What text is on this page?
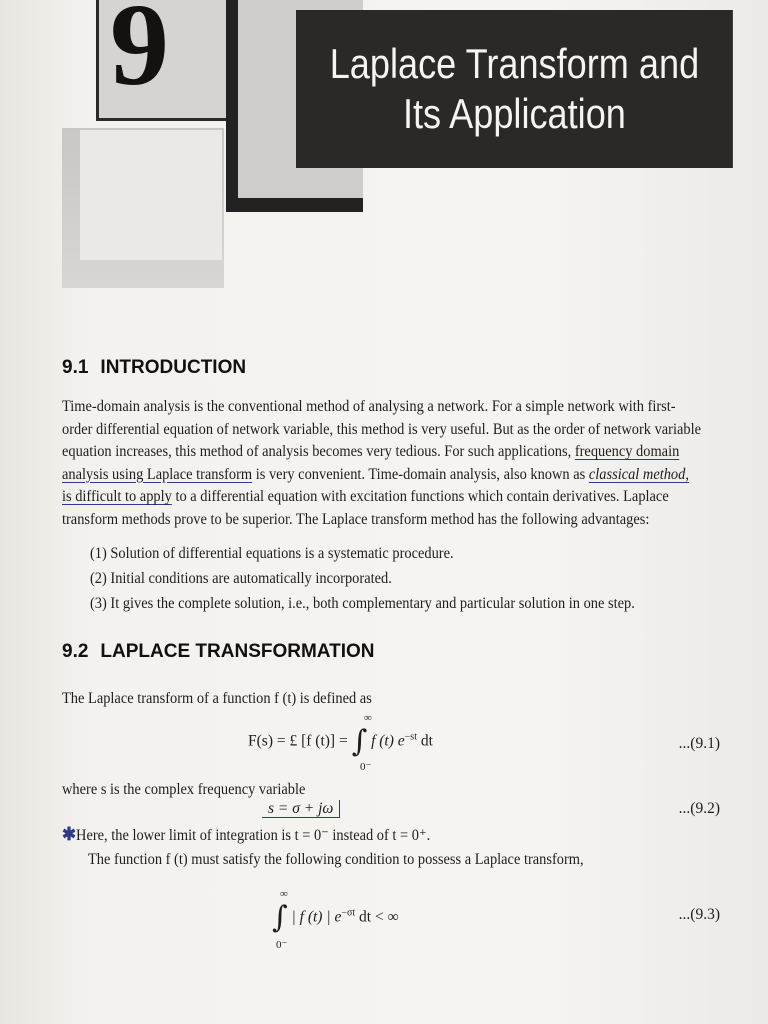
9	Laplace Transform and
Its Application
9.1 INTRODUCTION
Time-domain analysis is the conventional method of analysing a network. For a simple network with first-
order differential equation of network variable, this method is very useful. But as the order of network variable
equation increases, this method of analysis becomes very tedious. For such applications, frequency domain
analysis using Laplace transform is very convenient. Time-domain analysis, also known as classical method,
is difficult to apply to a differential equation with excitation functions which contain derivatives. Laplace
transform methods prove to be superior. The Laplace transform method has the following advantages:
(1) Solution of differential equations is a systematic procedure.
(2) Initial conditions are automatically incorporated.
(3) It gives the complete solution, i.e., both complementary and particular solution in one step.
9.2 LAPLACE TRANSFORMATION
The Laplace transform of a function f (t) is defined as
F(s) = £ [f (t)] = ∫ f (t) $e^{-st}$ dt
∞
0⁻
...(9.1)
where s is the complex frequency variable
s = σ + jω	...(9.2)
✱Here, the lower limit of integration is t = 0⁻ instead of t = 0⁺.
The function f (t) must satisfy the following condition to possess a Laplace transform,
∫ | f (t) | $e^{-\sigma t}$ dt < ∞
∞
0⁻
...(9.3)
